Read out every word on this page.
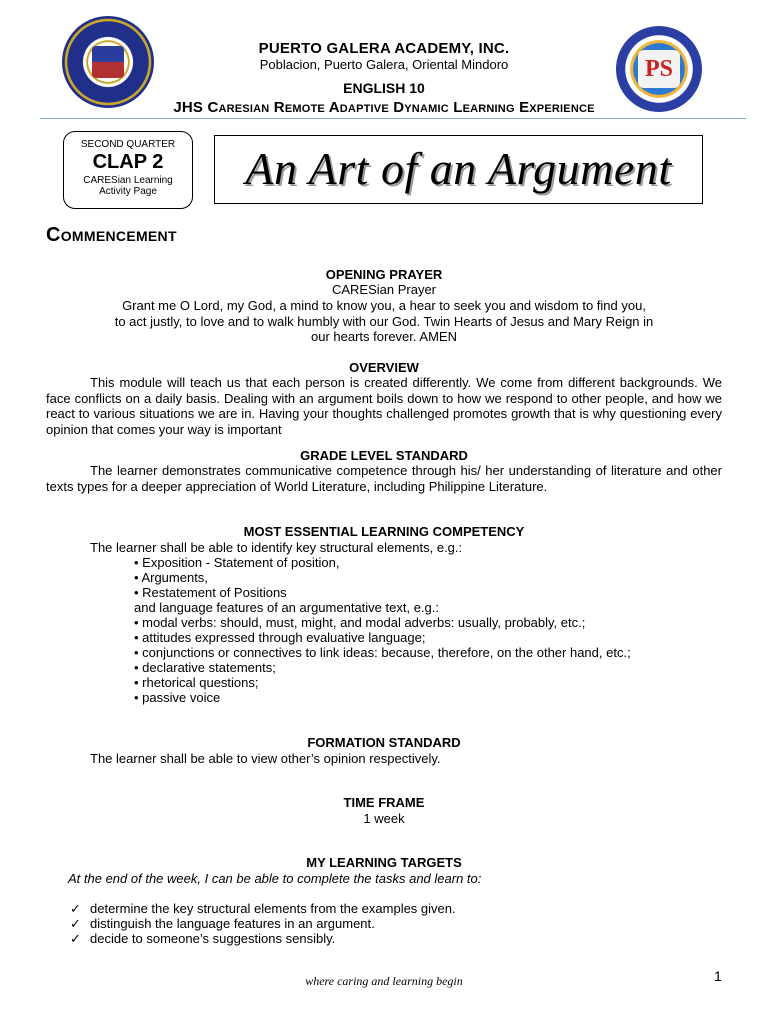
PS
PUERTO GALERA ACADEMY, INC.
Poblacion, Puerto Galera, Oriental Mindoro
ENGLISH 10
JHS Caresian Remote Adaptive Dynamic Learning Experience
SECOND QUARTER
CLAP 2
CARESian Learning
Activity Page	An Art of an Argument
Commencement
OPENING PRAYER
CARESian Prayer
Grant me O Lord, my God, a mind to know you, a hear to seek you and wisdom to find you,
to act justly, to love and to walk humbly with our God. Twin Hearts of Jesus and Mary Reign in
our hearts forever. AMEN
OVERVIEW
This module will teach us that each person is created differently. We come from different backgrounds. We face conflicts on a daily basis. Dealing with an argument boils down to how we respond to other people, and how we react to various situations we are in. Having your thoughts challenged promotes growth that is why questioning every opinion that comes your way is important
GRADE LEVEL STANDARD
The learner demonstrates communicative competence through his/ her understanding of literature and other texts types for a deeper appreciation of World Literature, including Philippine Literature.
MOST ESSENTIAL LEARNING COMPETENCY
The learner shall be able to identify key structural elements, e.g.:
• Exposition - Statement of position,
• Arguments,
• Restatement of Positions
and language features of an argumentative text, e.g.:
• modal verbs: should, must, might, and modal adverbs: usually, probably, etc.;
• attitudes expressed through evaluative language;
• conjunctions or connectives to link ideas: because, therefore, on the other hand, etc.;
• declarative statements;
• rhetorical questions;
• passive voice
FORMATION STANDARD
The learner shall be able to view other’s opinion respectively.
TIME FRAME
1 week
MY LEARNING TARGETS
At the end of the week, I can be able to complete the tasks and learn to:
✓ determine the key structural elements from the examples given.
✓ distinguish the language features in an argument.
✓ decide to someone’s suggestions sensibly.
where caring and learning begin	1
